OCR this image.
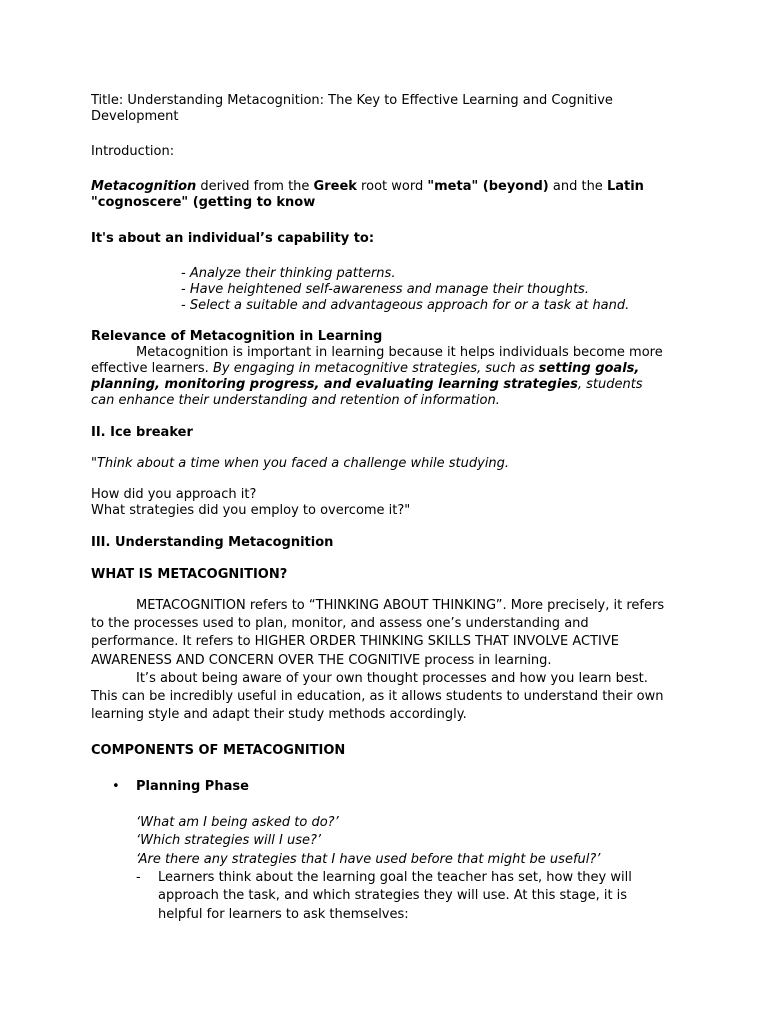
Title: Understanding Metacognition: The Key to Effective Learning and Cognitive
Development
Introduction:
Metacognition derived from the Greek root word "meta" (beyond) and the Latin
"cognoscere" (getting to know
It's about an individual’s capability to:
- Analyze their thinking patterns.
- Have heightened self-awareness and manage their thoughts.
- Select a suitable and advantageous approach for or a task at hand.
Relevance of Metacognition in Learning
Metacognition is important in learning because it helps individuals become more
effective learners. By engaging in metacognitive strategies, such as setting goals,
planning, monitoring progress, and evaluating learning strategies, students
can enhance their understanding and retention of information.
II. Ice breaker
"Think about a time when you faced a challenge while studying.
How did you approach it?
What strategies did you employ to overcome it?"
III. Understanding Metacognition
WHAT IS METACOGNITION?
METACOGNITION refers to “THINKING ABOUT THINKING”. More precisely, it refers
to the processes used to plan, monitor, and assess one’s understanding and
performance. It refers to HIGHER ORDER THINKING SKILLS THAT INVOLVE ACTIVE
AWARENESS AND CONCERN OVER THE COGNITIVE process in learning.
It’s about being aware of your own thought processes and how you learn best.
This can be incredibly useful in education, as it allows students to understand their own
learning style and adapt their study methods accordingly.
COMPONENTS OF METACOGNITION
• Planning Phase
‘What am I being asked to do?’
‘Which strategies will I use?’
‘Are there any strategies that I have used before that might be useful?’
- Learners think about the learning goal the teacher has set, how they will
approach the task, and which strategies they will use. At this stage, it is
helpful for learners to ask themselves:
